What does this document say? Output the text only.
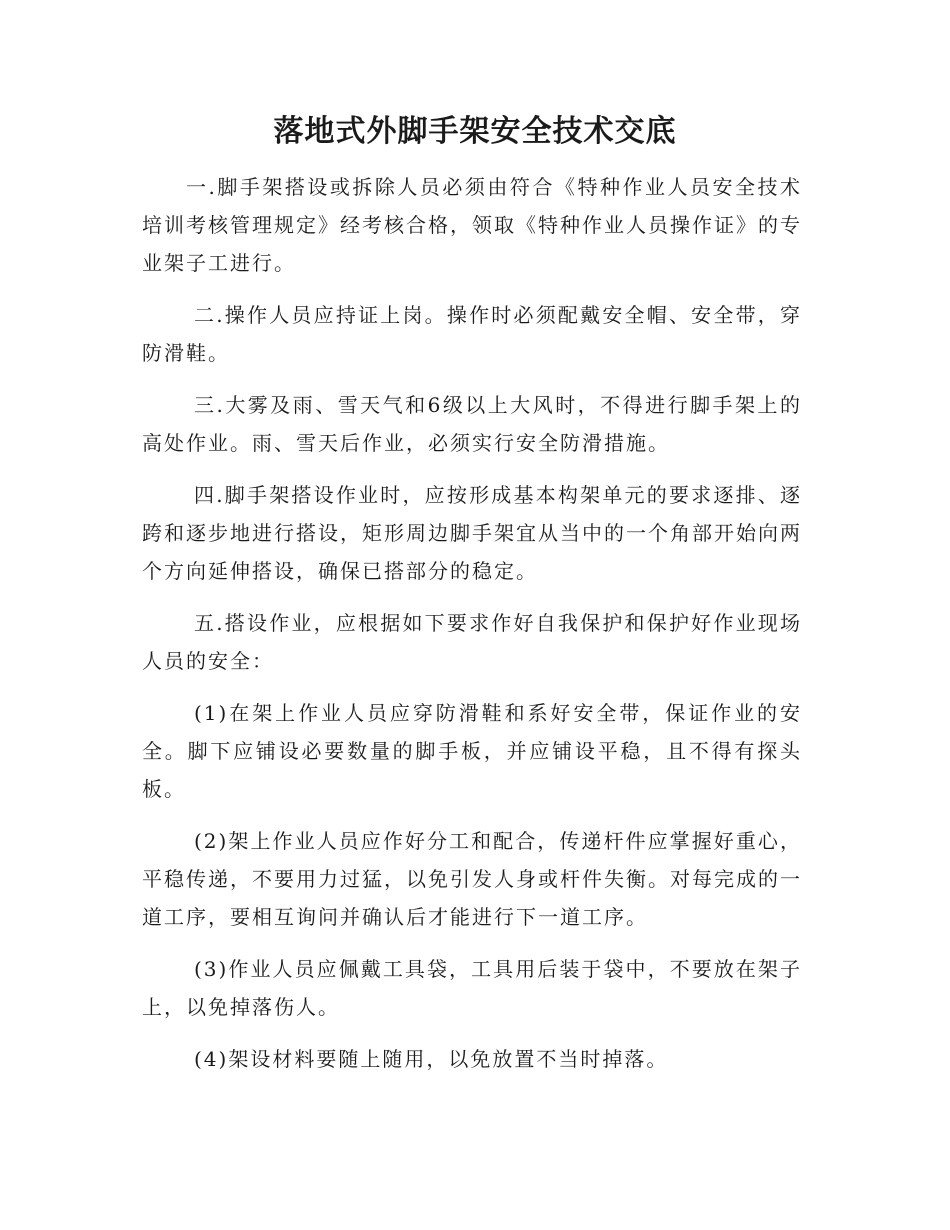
落地式外脚手架安全技术交底

一.脚手架搭设或拆除人员必须由符合《特种作业人员安全技术培训考核管理规定》经考核合格，领取《特种作业人员操作证》的专业架子工进行。

二.操作人员应持证上岗。操作时必须配戴安全帽、安全带，穿防滑鞋。

三.大雾及雨、雪天气和6级以上大风时，不得进行脚手架上的高处作业。雨、雪天后作业，必须实行安全防滑措施。

四.脚手架搭设作业时，应按形成基本构架单元的要求逐排、逐跨和逐步地进行搭设，矩形周边脚手架宜从当中的一个角部开始向两个方向延伸搭设，确保已搭部分的稳定。

五.搭设作业，应根据如下要求作好自我保护和保护好作业现场人员的安全：

(1)在架上作业人员应穿防滑鞋和系好安全带，保证作业的安全。脚下应铺设必要数量的脚手板，并应铺设平稳，且不得有探头板。

(2)架上作业人员应作好分工和配合，传递杆件应掌握好重心，平稳传递，不要用力过猛，以免引发人身或杆件失衡。对每完成的一道工序，要相互询问并确认后才能进行下一道工序。

(3)作业人员应佩戴工具袋，工具用后装于袋中，不要放在架子上，以免掉落伤人。

(4)架设材料要随上随用，以免放置不当时掉落。
